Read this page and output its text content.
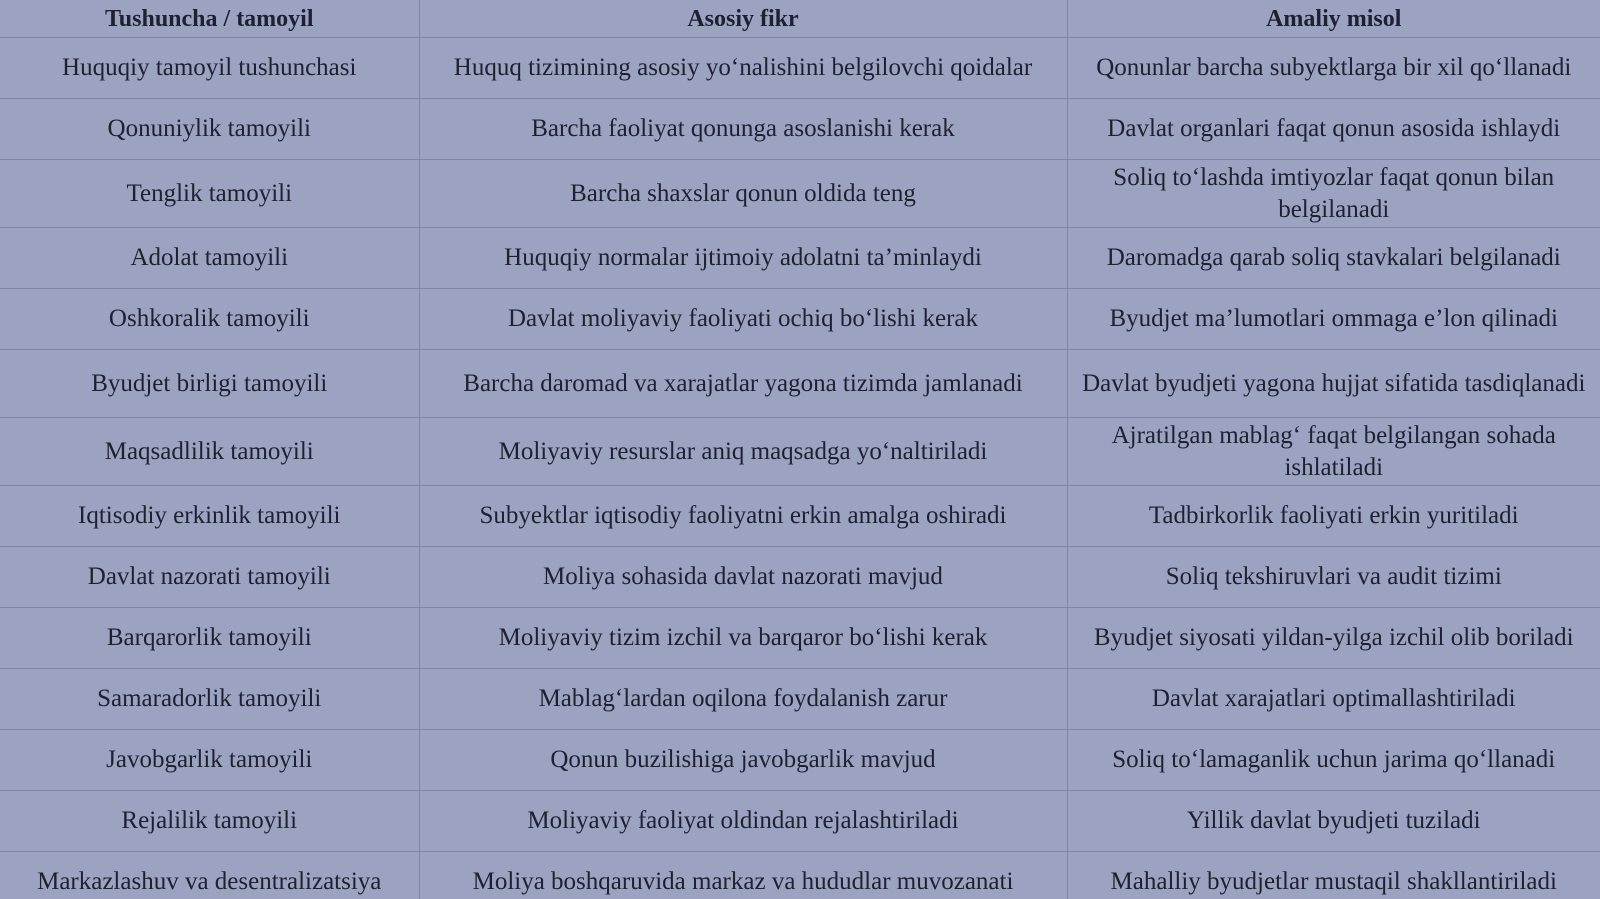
Tushuncha / tamoyil	Asosiy fikr	Amaliy misol
Huquqiy tamoyil tushunchasi	Huquq tizimining asosiy yo‘nalishini belgilovchi qoidalar	Qonunlar barcha subyektlarga bir xil qo‘llanadi
Qonuniylik tamoyili	Barcha faoliyat qonunga asoslanishi kerak	Davlat organlari faqat qonun asosida ishlaydi
Tenglik tamoyili	Barcha shaxslar qonun oldida teng	Soliq to‘lashda imtiyozlar faqat qonun bilan belgilanadi
Adolat tamoyili	Huquqiy normalar ijtimoiy adolatni ta’minlaydi	Daromadga qarab soliq stavkalari belgilanadi
Oshkoralik tamoyili	Davlat moliyaviy faoliyati ochiq bo‘lishi kerak	Byudjet ma’lumotlari ommaga e’lon qilinadi
Byudjet birligi tamoyili	Barcha daromad va xarajatlar yagona tizimda jamlanadi	Davlat byudjeti yagona hujjat sifatida tasdiqlanadi
Maqsadlilik tamoyili	Moliyaviy resurslar aniq maqsadga yo‘naltiriladi	Ajratilgan mablag‘ faqat belgilangan sohada ishlatiladi
Iqtisodiy erkinlik tamoyili	Subyektlar iqtisodiy faoliyatni erkin amalga oshiradi	Tadbirkorlik faoliyati erkin yuritiladi
Davlat nazorati tamoyili	Moliya sohasida davlat nazorati mavjud	Soliq tekshiruvlari va audit tizimi
Barqarorlik tamoyili	Moliyaviy tizim izchil va barqaror bo‘lishi kerak	Byudjet siyosati yildan-yilga izchil olib boriladi
Samaradorlik tamoyili	Mablag‘lardan oqilona foydalanish zarur	Davlat xarajatlari optimallashtiriladi
Javobgarlik tamoyili	Qonun buzilishiga javobgarlik mavjud	Soliq to‘lamaganlik uchun jarima qo‘llanadi
Rejalilik tamoyili	Moliyaviy faoliyat oldindan rejalashtiriladi	Yillik davlat byudjeti tuziladi
Markazlashuv va desentralizatsiya	Moliya boshqaruvida markaz va hududlar muvozanati	Mahalliy byudjetlar mustaqil shakllantiriladi
